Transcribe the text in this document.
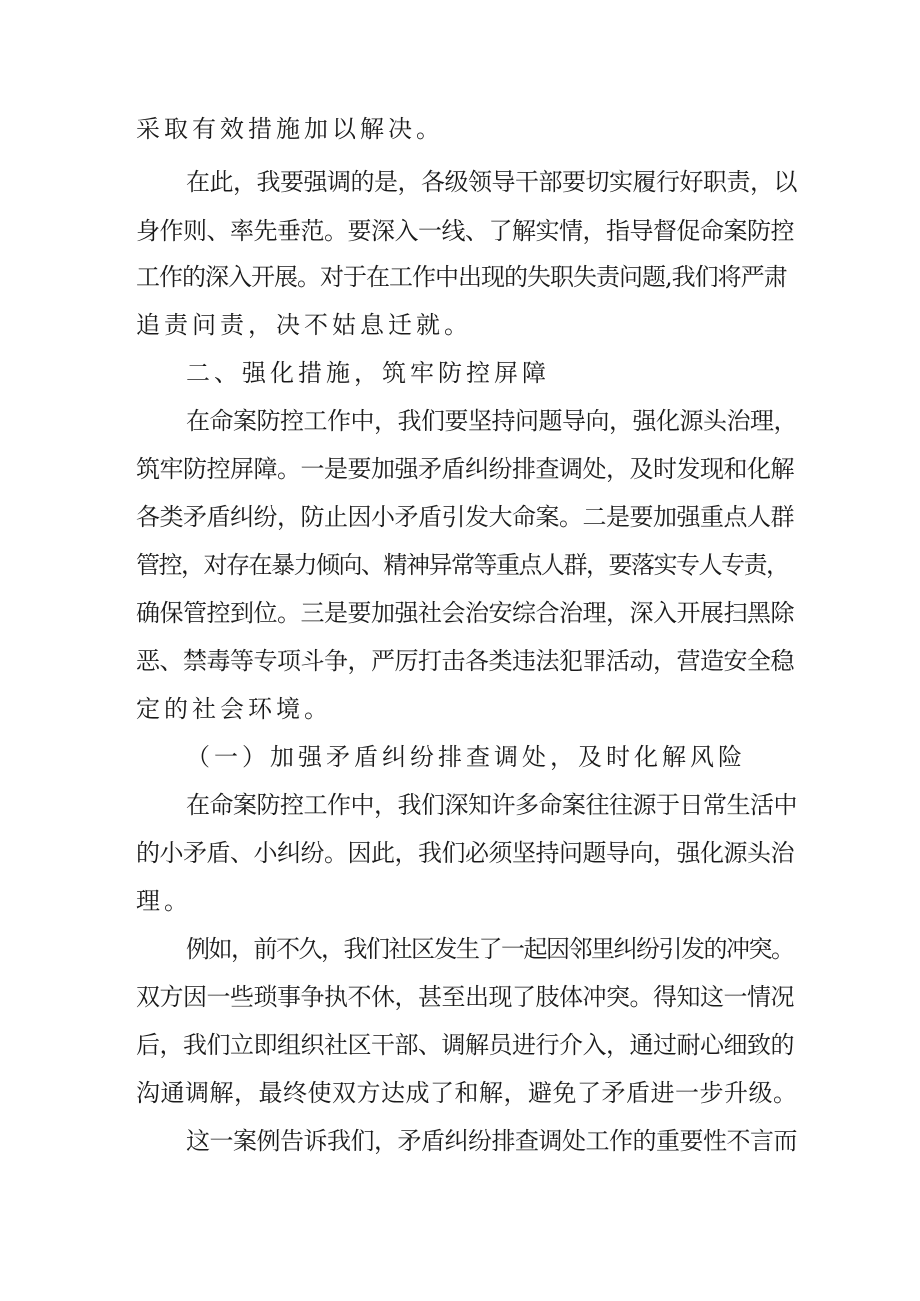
采取有效措施加以解决。
在此，我要强调的是，各级领导干部要切实履行好职责，以
身作则、率先垂范。要深入一线、了解实情，指导督促命案防控
工作的深入开展。对于在工作中出现的失职失责问题,我们将严肃
追责问责，决不姑息迁就。
二、强化措施，筑牢防控屏障
在命案防控工作中，我们要坚持问题导向，强化源头治理，
筑牢防控屏障。一是要加强矛盾纠纷排查调处，及时发现和化解
各类矛盾纠纷，防止因小矛盾引发大命案。二是要加强重点人群
管控，对存在暴力倾向、精神异常等重点人群，要落实专人专责，
确保管控到位。三是要加强社会治安综合治理，深入开展扫黑除
恶、禁毒等专项斗争，严厉打击各类违法犯罪活动，营造安全稳
定的社会环境。
（一）加强矛盾纠纷排查调处，及时化解风险
在命案防控工作中，我们深知许多命案往往源于日常生活中
的小矛盾、小纠纷。因此，我们必须坚持问题导向，强化源头治
理。
例如，前不久，我们社区发生了一起因邻里纠纷引发的冲突。
双方因一些琐事争执不休，甚至出现了肢体冲突。得知这一情况
后，我们立即组织社区干部、调解员进行介入，通过耐心细致的
沟通调解，最终使双方达成了和解，避免了矛盾进一步升级。
这一案例告诉我们，矛盾纠纷排查调处工作的重要性不言而
